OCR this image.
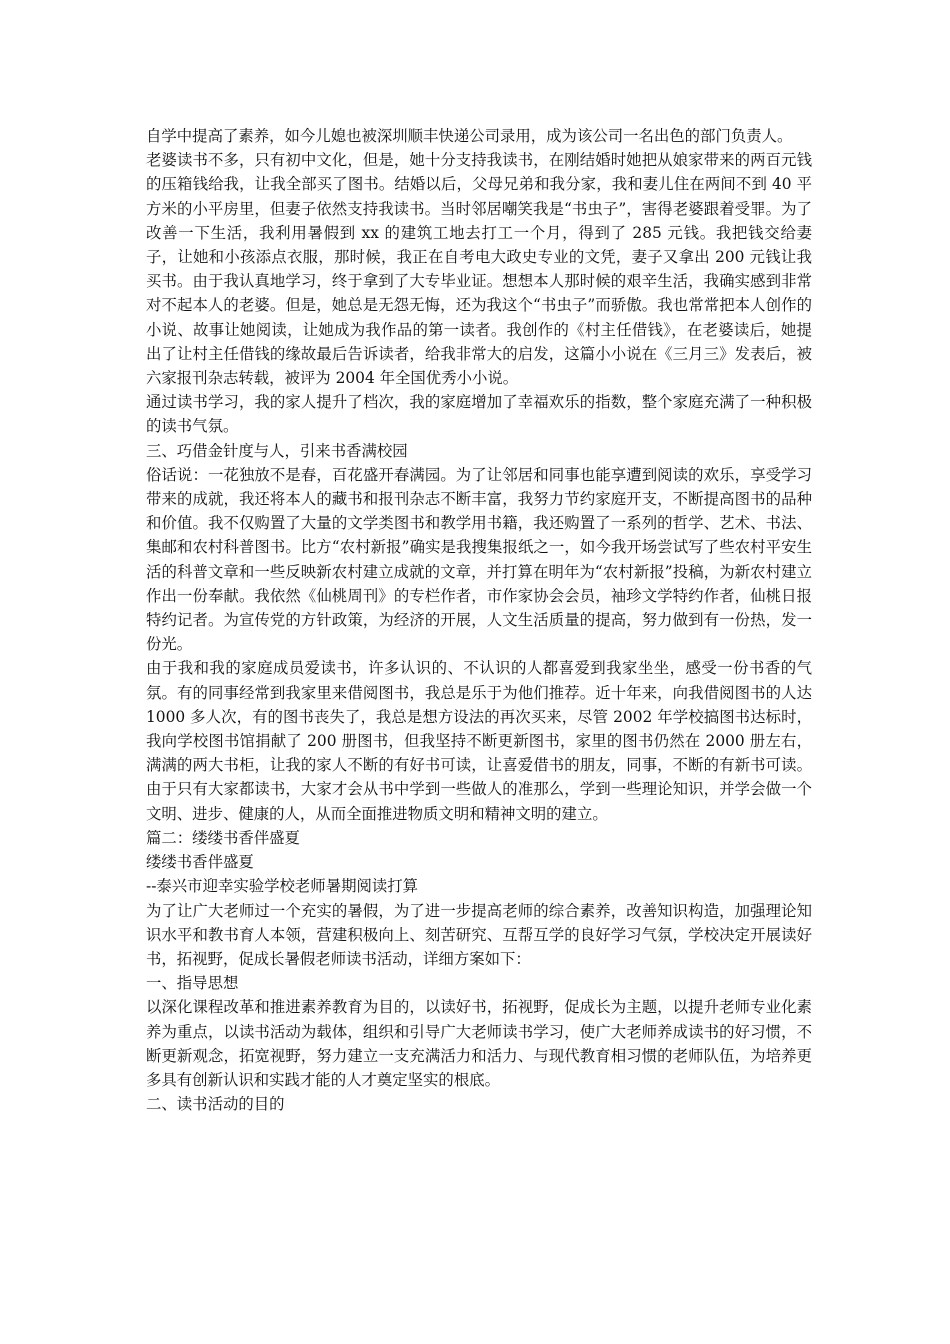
自学中提高了素养，如今儿媳也被深圳顺丰快递公司录用，成为该公司一名出色的部门负责人。

老婆读书不多，只有初中文化，但是，她十分支持我读书，在刚结婚时她把从娘家带来的两百元钱的压箱钱给我，让我全部买了图书。结婚以后，父母兄弟和我分家，我和妻儿住在两间不到 40 平方米的小平房里，但妻子依然支持我读书。当时邻居嘲笑我是“书虫子”，害得老婆跟着受罪。为了改善一下生活，我利用暑假到 xx 的建筑工地去打工一个月，得到了 285 元钱。我把钱交给妻子，让她和小孩添点衣服，那时候，我正在自考电大政史专业的文凭，妻子又拿出 200 元钱让我买书。由于我认真地学习，终于拿到了大专毕业证。想想本人那时候的艰辛生活，我确实感到非常对不起本人的老婆。但是，她总是无怨无悔，还为我这个“书虫子”而骄傲。我也常常把本人创作的小说、故事让她阅读，让她成为我作品的第一读者。我创作的《村主任借钱》，在老婆读后，她提出了让村主任借钱的缘故最后告诉读者，给我非常大的启发，这篇小小说在《三月三》发表后，被六家报刊杂志转载，被评为 2004 年全国优秀小小说。

通过读书学习，我的家人提升了档次，我的家庭增加了幸福欢乐的指数，整个家庭充满了一种积极的读书气氛。

三、巧借金针度与人，引来书香满校园

俗话说：一花独放不是春，百花盛开春满园。为了让邻居和同事也能享遭到阅读的欢乐，享受学习带来的成就，我还将本人的藏书和报刊杂志不断丰富，我努力节约家庭开支，不断提高图书的品种和价值。我不仅购置了大量的文学类图书和教学用书籍，我还购置了一系列的哲学、艺术、书法、集邮和农村科普图书。比方“农村新报”确实是我搜集报纸之一，如今我开场尝试写了些农村平安生活的科普文章和一些反映新农村建立成就的文章，并打算在明年为“农村新报”投稿，为新农村建立作出一份奉献。我依然《仙桃周刊》的专栏作者，市作家协会会员，袖珍文学特约作者，仙桃日报特约记者。为宣传党的方针政策，为经济的开展，人文生活质量的提高，努力做到有一份热，发一份光。

由于我和我的家庭成员爱读书，许多认识的、不认识的人都喜爱到我家坐坐，感受一份书香的气氛。有的同事经常到我家里来借阅图书，我总是乐于为他们推荐。近十年来，向我借阅图书的人达 1000 多人次，有的图书丧失了，我总是想方设法的再次买来，尽管 2002 年学校搞图书达标时，我向学校图书馆捐献了 200 册图书，但我坚持不断更新图书，家里的图书仍然在 2000 册左右，满满的两大书柜，让我的家人不断的有好书可读，让喜爱借书的朋友，同事，不断的有新书可读。由于只有大家都读书，大家才会从书中学到一些做人的准那么，学到一些理论知识，并学会做一个文明、进步、健康的人，从而全面推进物质文明和精神文明的建立。

篇二：缕缕书香伴盛夏

缕缕书香伴盛夏

--泰兴市迎幸实验学校老师暑期阅读打算

为了让广大老师过一个充实的暑假，为了进一步提高老师的综合素养，改善知识构造，加强理论知识水平和教书育人本领，营建积极向上、刻苦研究、互帮互学的良好学习气氛，学校决定开展读好书，拓视野，促成长暑假老师读书活动，详细方案如下：

一、指导思想

以深化课程改革和推进素养教育为目的，以读好书，拓视野，促成长为主题，以提升老师专业化素养为重点，以读书活动为载体，组织和引导广大老师读书学习，使广大老师养成读书的好习惯，不断更新观念，拓宽视野，努力建立一支充满活力和活力、与现代教育相习惯的老师队伍，为培养更多具有创新认识和实践才能的人才奠定坚实的根底。

二、读书活动的目的
